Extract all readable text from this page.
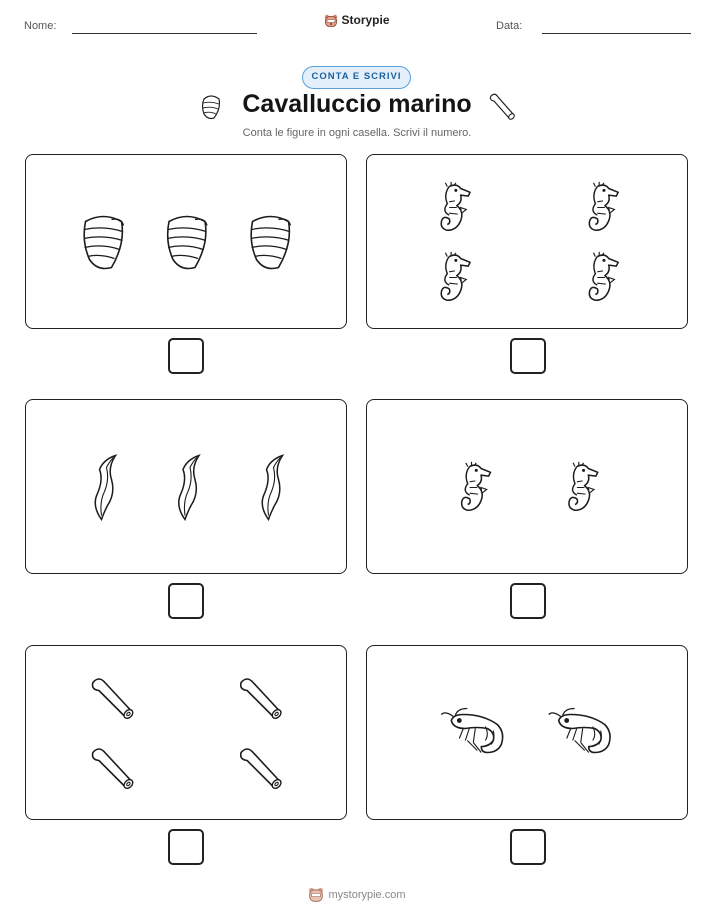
Nome:	Storypie	Data:
CONTA E SCRIVI
Cavalluccio marino
Conta le figure in ogni casella. Scrivi il numero.
mystorypie.com
